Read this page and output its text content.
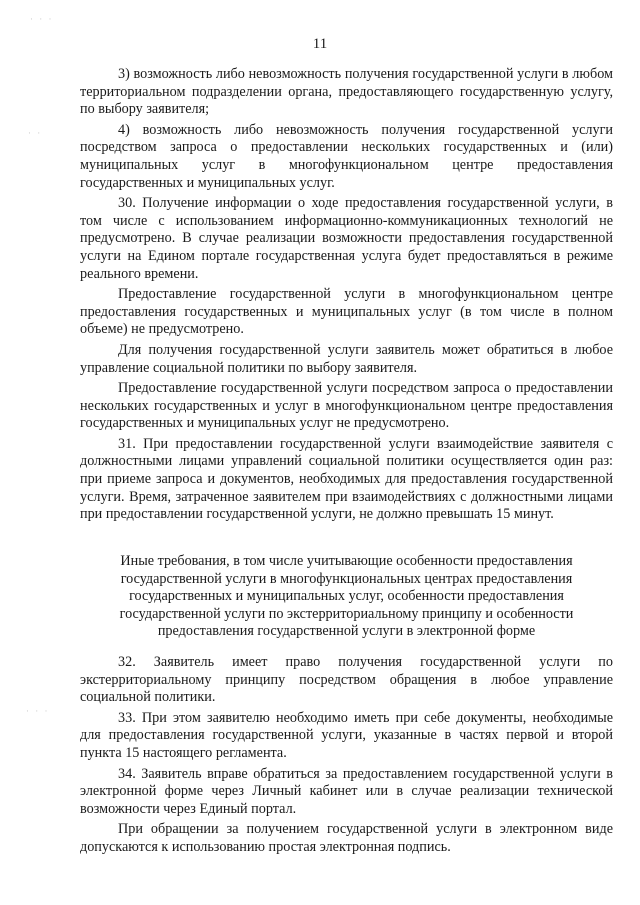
11

3) возможность либо невозможность получения государственной услуги в любом территориальном подразделении органа, предоставляющего государственную услугу, по выбору заявителя;

4) возможность либо невозможность получения государственной услуги посредством запроса о предоставлении нескольких государственных и (или) муниципальных услуг в многофункциональном центре предоставления государственных и муниципальных услуг.

30. Получение информации о ходе предоставления государственной услуги, в том числе с использованием информационно-коммуникационных технологий не предусмотрено. В случае реализации возможности предоставления государственной услуги на Едином портале государственная услуга будет предоставляться в режиме реального времени.

Предоставление государственной услуги в многофункциональном центре предоставления государственных и муниципальных услуг (в том числе в полном объеме) не предусмотрено.

Для получения государственной услуги заявитель может обратиться в любое управление социальной политики по выбору заявителя.

Предоставление государственной услуги посредством запроса о предоставлении нескольких государственных и услуг в многофункциональном центре предоставления государственных и муниципальных услуг не предусмотрено.

31. При предоставлении государственной услуги взаимодействие заявителя с должностными лицами управлений социальной политики осуществляется один раз: при приеме запроса и документов, необходимых для предоставления государственной услуги. Время, затраченное заявителем при взаимодействиях с должностными лицами при предоставлении государственной услуги, не должно превышать 15 минут.

Иные требования, в том числе учитывающие особенности предоставления государственной услуги в многофункциональных центрах предоставления государственных и муниципальных услуг, особенности предоставления государственной услуги по экстерриториальному принципу и особенности предоставления государственной услуги в электронной форме

32. Заявитель имеет право получения государственной услуги по экстерриториальному принципу посредством обращения в любое управление социальной политики.

33. При этом заявителю необходимо иметь при себе документы, необходимые для предоставления государственной услуги, указанные в частях первой и второй пункта 15 настоящего регламента.

34. Заявитель вправе обратиться за предоставлением государственной услуги в электронной форме через Личный кабинет или в случае реализации технической возможности через Единый портал.

При обращении за получением государственной услуги в электронном виде допускаются к использованию простая электронная подпись.

· · ·
· ·
· · ·
